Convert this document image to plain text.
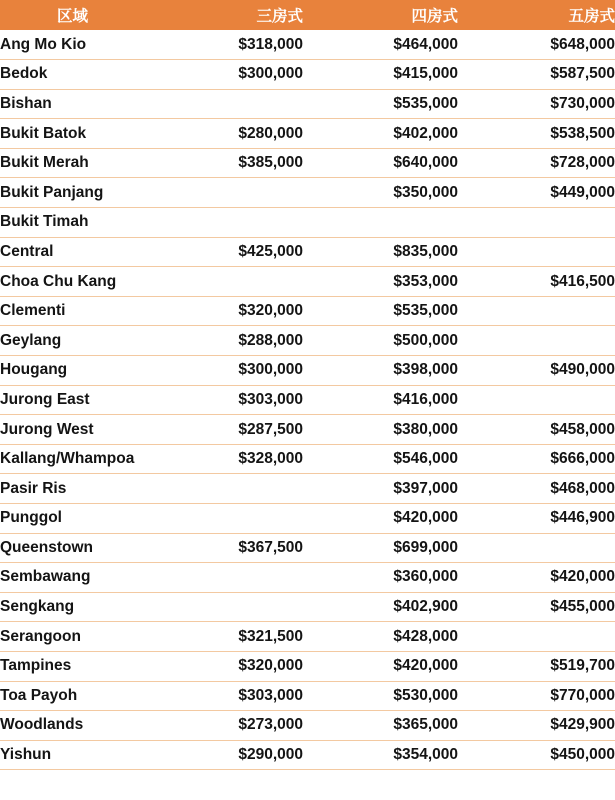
区域	三房式	四房式	五房式
Ang Mo Kio	$318,000	$464,000	$648,000
Bedok	$300,000	$415,000	$587,500
Bishan		$535,000	$730,000
Bukit Batok	$280,000	$402,000	$538,500
Bukit Merah	$385,000	$640,000	$728,000
Bukit Panjang		$350,000	$449,000
Bukit Timah			
Central	$425,000	$835,000	
Choa Chu Kang		$353,000	$416,500
Clementi	$320,000	$535,000	
Geylang	$288,000	$500,000	
Hougang	$300,000	$398,000	$490,000
Jurong East	$303,000	$416,000	
Jurong West	$287,500	$380,000	$458,000
Kallang/Whampoa	$328,000	$546,000	$666,000
Pasir Ris		$397,000	$468,000
Punggol		$420,000	$446,900
Queenstown	$367,500	$699,000	
Sembawang		$360,000	$420,000
Sengkang		$402,900	$455,000
Serangoon	$321,500	$428,000	
Tampines	$320,000	$420,000	$519,700
Toa Payoh	$303,000	$530,000	$770,000
Woodlands	$273,000	$365,000	$429,900
Yishun	$290,000	$354,000	$450,000
